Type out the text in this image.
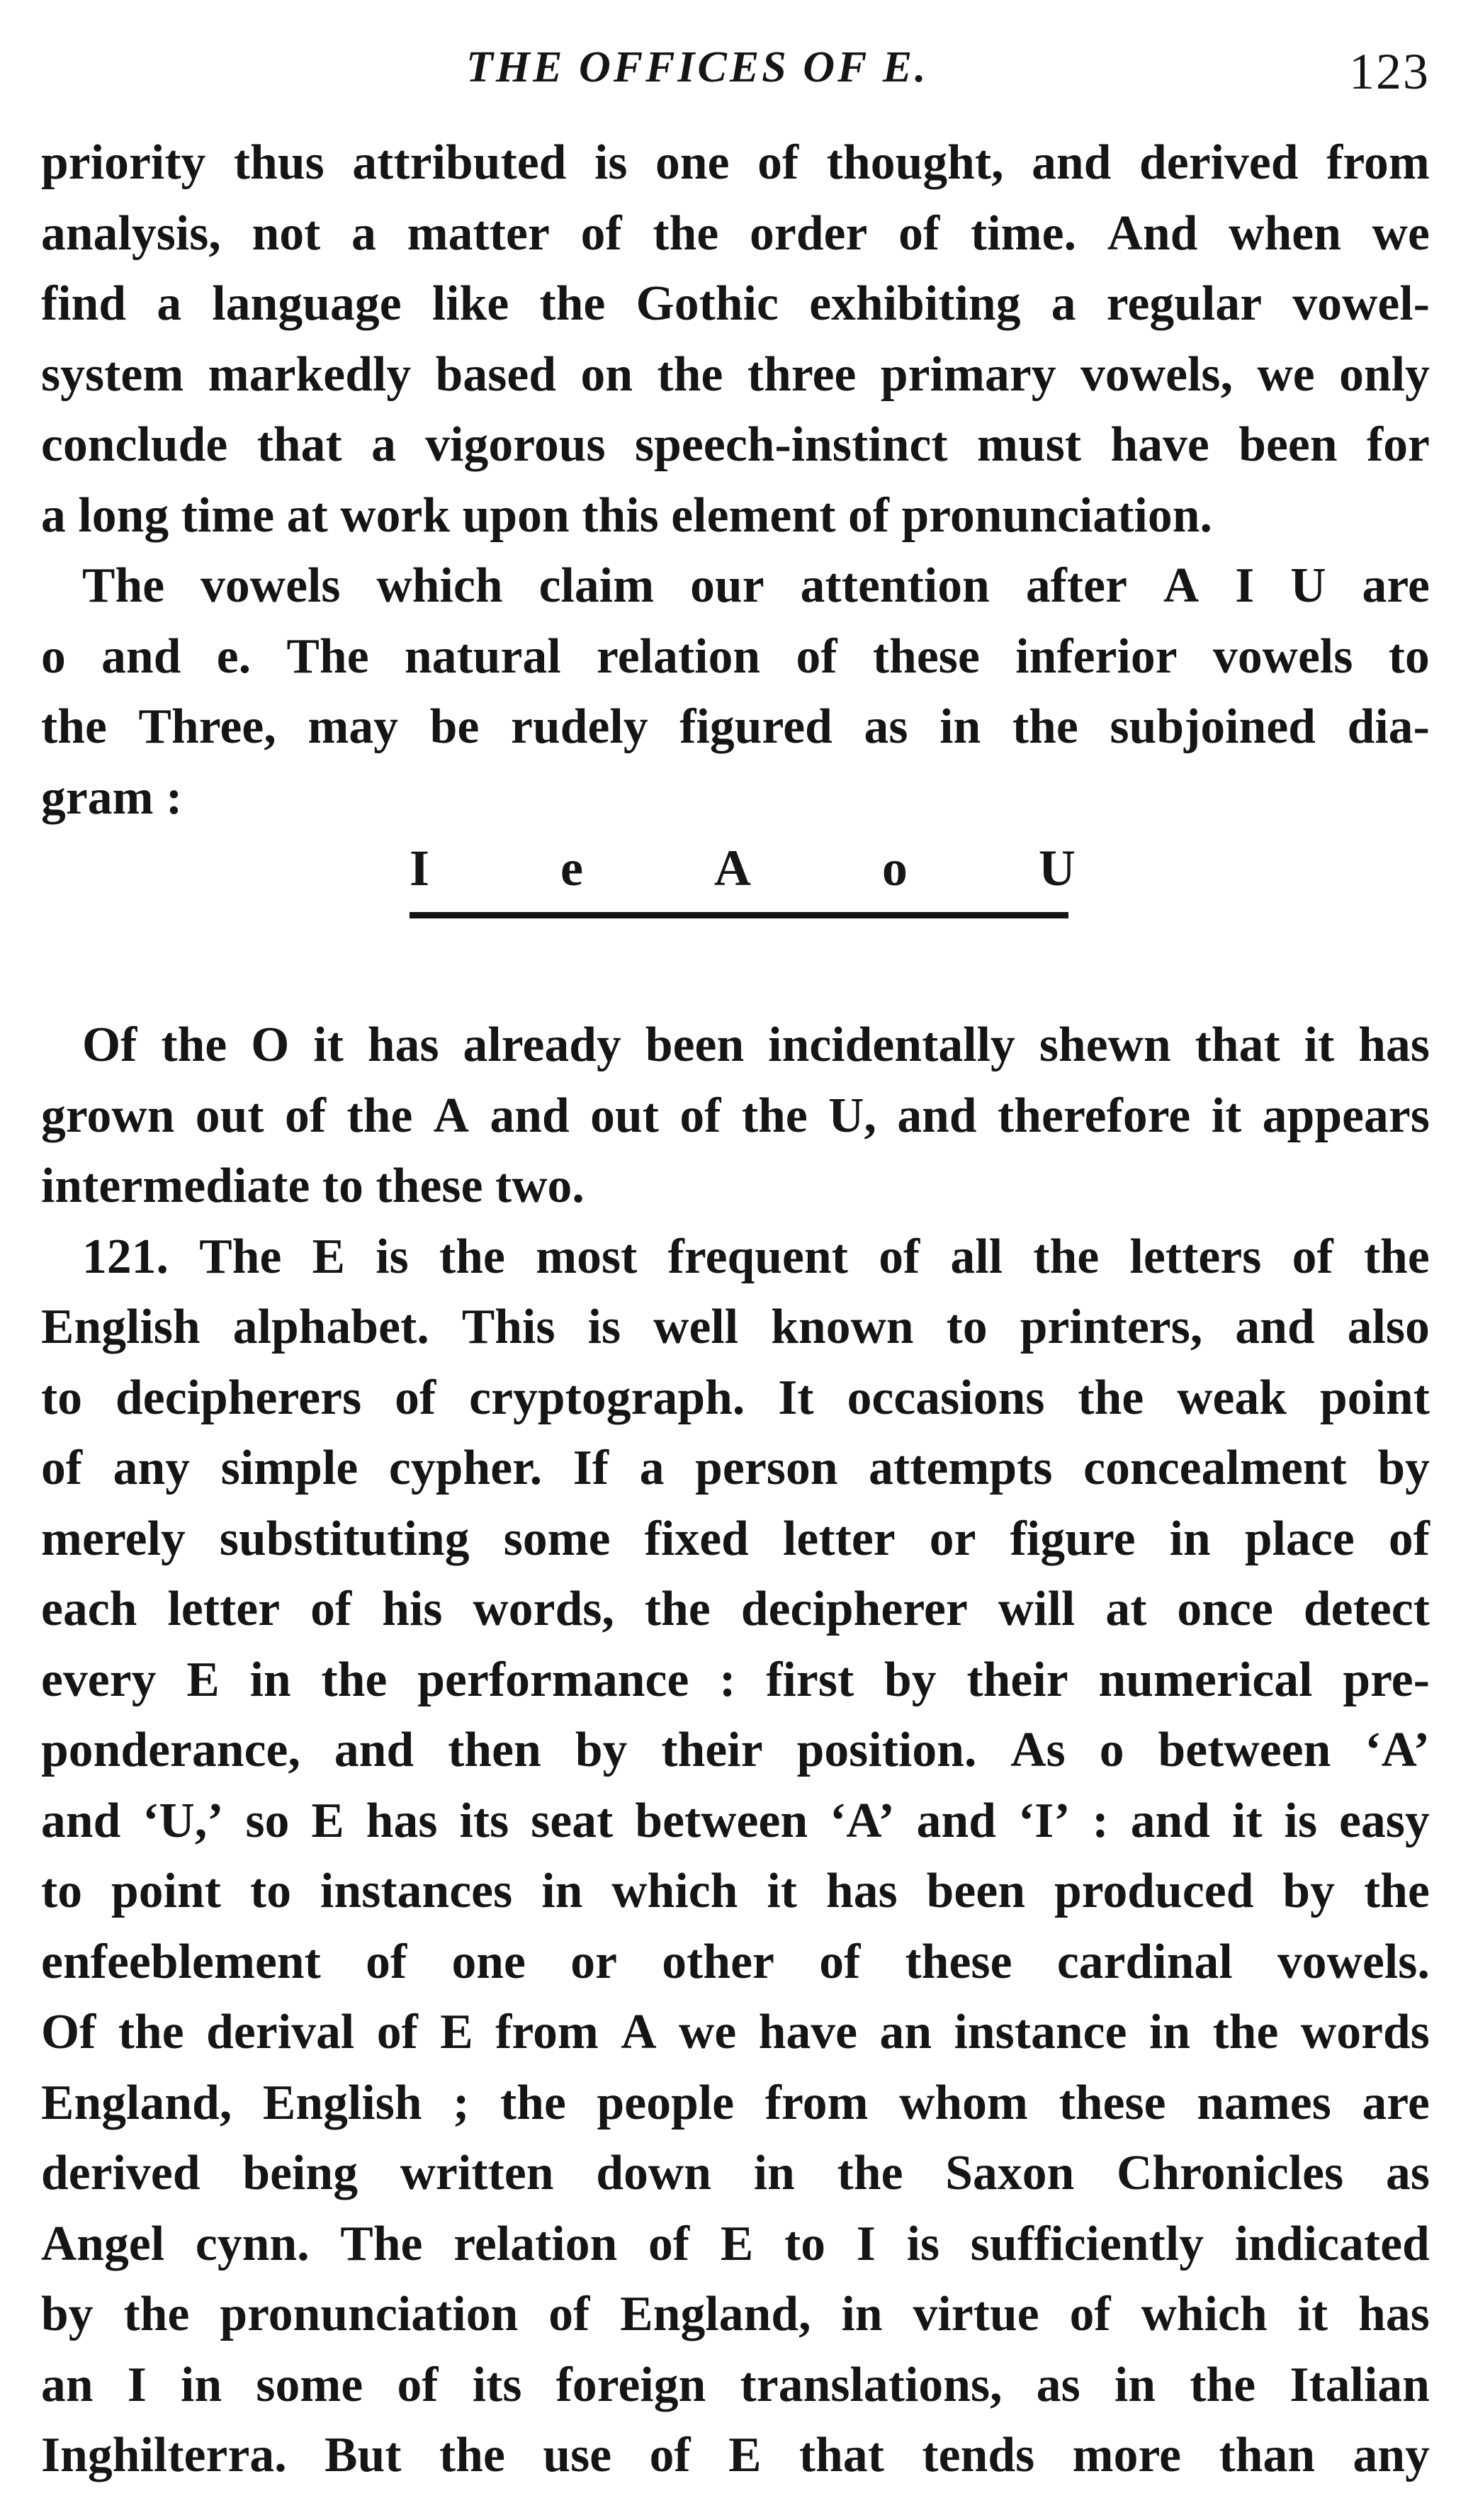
THE OFFICES OF E.	123
priority thus attributed is one of thought, and derived from
analysis, not a matter of the order of time. And when we
find a language like the Gothic exhibiting a regular vowel-
system markedly based on the three primary vowels, we only
conclude that a vigorous speech-instinct must have been for
a long time at work upon this element of pronunciation.
The vowels which claim our attention after A I U are
o and e. The natural relation of these inferior vowels to
the Three, may be rudely figured as in the subjoined dia-
gram :
I	e	A	o	U
Of the O it has already been incidentally shewn that it has
grown out of the A and out of the U, and therefore it appears
intermediate to these two.
121. The E is the most frequent of all the letters of the
English alphabet. This is well known to printers, and also
to decipherers of cryptograph. It occasions the weak point
of any simple cypher. If a person attempts concealment by
merely substituting some fixed letter or figure in place of
each letter of his words, the decipherer will at once detect
every E in the performance : first by their numerical pre-
ponderance, and then by their position. As o between ‘A’
and ‘U,’ so E has its seat between ‘A’ and ‘I’ : and it is easy
to point to instances in which it has been produced by the
enfeeblement of one or other of these cardinal vowels.
Of the derival of E from A we have an instance in the words
England, English ; the people from whom these names are
derived being written down in the Saxon Chronicles as
Angel cynn. The relation of E to I is sufficiently indicated
by the pronunciation of England, in virtue of which it has
an I in some of its foreign translations, as in the Italian
Inghilterra. But the use of E that tends more than any
